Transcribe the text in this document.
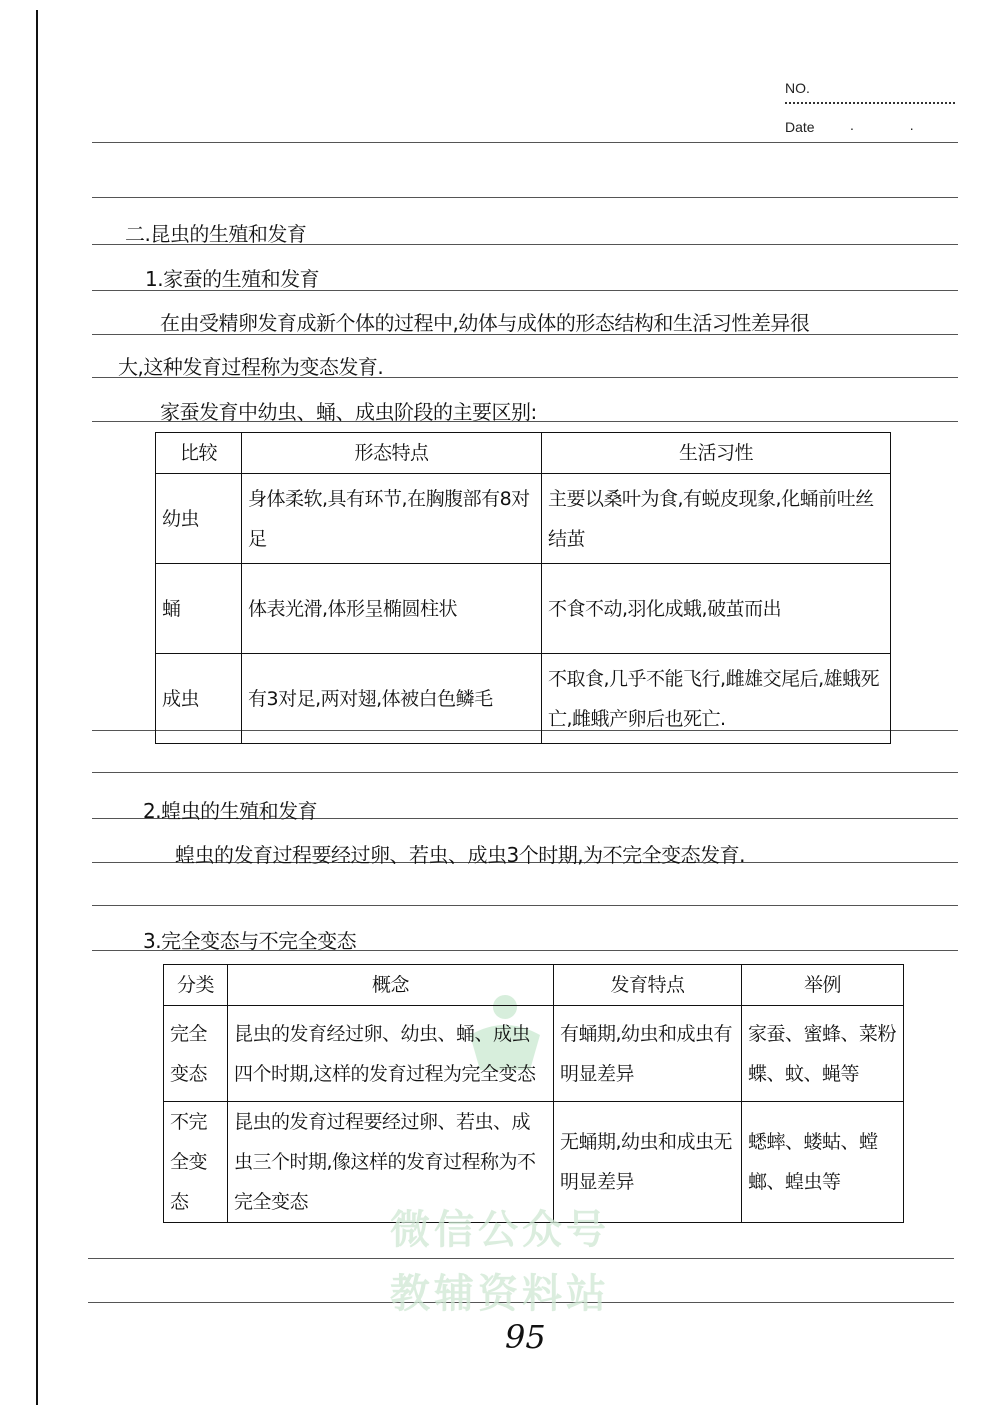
NO.
Date	. .
二.昆虫的生殖和发育
1.家蚕的生殖和发育
在由受精卵发育成新个体的过程中,幼体与成体的形态结构和生活习性差异很
大,这种发育过程称为变态发育.
家蚕发育中幼虫、蛹、成虫阶段的主要区别:
比较	形态特点	生活习性
幼虫	身体柔软,具有环节,在胸腹部有8对足	主要以桑叶为食,有蜕皮现象,化蛹前吐丝结茧
蛹	体表光滑,体形呈椭圆柱状	不食不动,羽化成蛾,破茧而出
成虫	有3对足,两对翅,体被白色鳞毛	不取食,几乎不能飞行,雌雄交尾后,雄蛾死亡,雌蛾产卵后也死亡.
2.蝗虫的生殖和发育
蝗虫的发育过程要经过卵、若虫、成虫3个时期,为不完全变态发育.
3.完全变态与不完全变态
分类	概念	发育特点	举例
完全变态	昆虫的发育经过卵、幼虫、蛹、成虫四个时期,这样的发育过程为完全变态	有蛹期,幼虫和成虫有明显差异	家蚕、蜜蜂、菜粉蝶、蚊、蝇等
不完全变态	昆虫的发育过程要经过卵、若虫、成虫三个时期,像这样的发育过程称为不完全变态	无蛹期,幼虫和成虫无明显差异	蟋蟀、蝼蛄、螳螂、蝗虫等
微信公众号
教辅资料站
95
